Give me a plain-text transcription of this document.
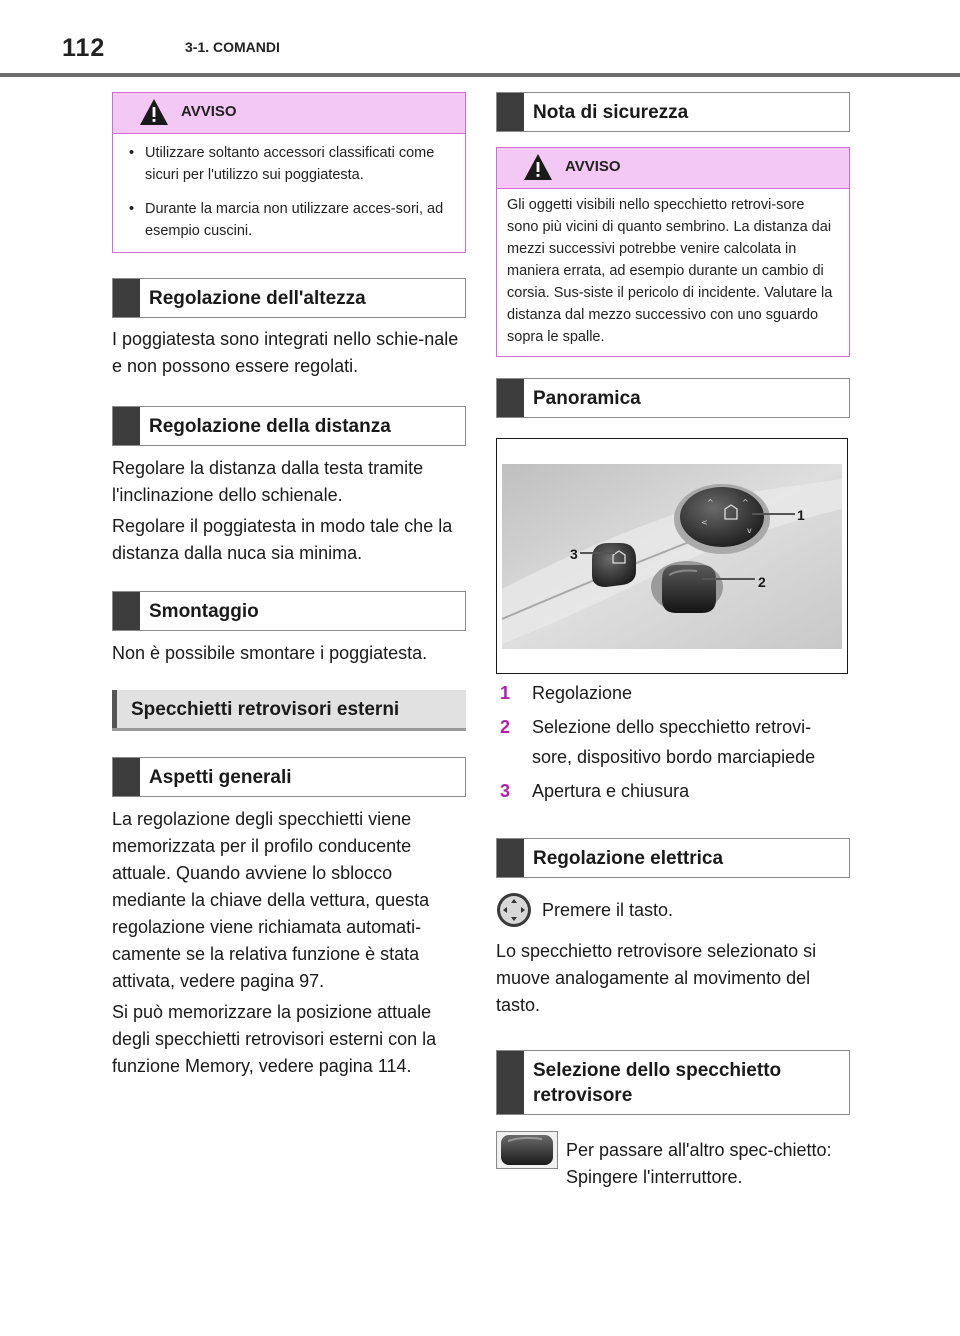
112	3-1. COMANDI
AVVISO
• Utilizzare soltanto accessori classificati come sicuri per l'utilizzo sui poggiatesta.
• Durante la marcia non utilizzare acces-sori, ad esempio cuscini.
Regolazione dell'altezza

I poggiatesta sono integrati nello schie-nale e non possono essere regolati.

Regolazione della distanza

Regolare la distanza dalla testa tramite l'inclinazione dello schienale.

Regolare il poggiatesta in modo tale che la distanza dalla nuca sia minima.

Smontaggio

Non è possibile smontare i poggiatesta.

Specchietti retrovisori esterni
Aspetti generali

La regolazione degli specchietti viene memorizzata per il profilo conducente attuale. Quando avviene lo sblocco mediante la chiave della vettura, questa regolazione viene richiamata automati-camente se la relativa funzione è stata attivata, vedere pagina 97.

Si può memorizzare la posizione attuale degli specchietti retrovisori esterni con la funzione Memory, vedere pagina 114.

Nota di sicurezza
AVVISO

Gli oggetti visibili nello specchietto retrovi-sore sono più vicini di quanto sembrino. La distanza dai mezzi successivi potrebbe venire calcolata in maniera errata, ad esempio durante un cambio di corsia. Sus-siste il pericolo di incidente. Valutare la distanza dal mezzo successivo con uno sguardo sopra le spalle.

Panoramica
^
^
<
v
1
2
3
1	Regolazione
2	Selezione dello specchietto retrovi-sore, dispositivo bordo marciapiede
3	Apertura e chiusura
Regolazione elettrica
Premere il tasto.

Lo specchietto retrovisore selezionato si muove analogamente al movimento del tasto.

Selezione dello specchietto retrovisore

Per passare all'altro spec-chietto: Spingere l'interruttore.
